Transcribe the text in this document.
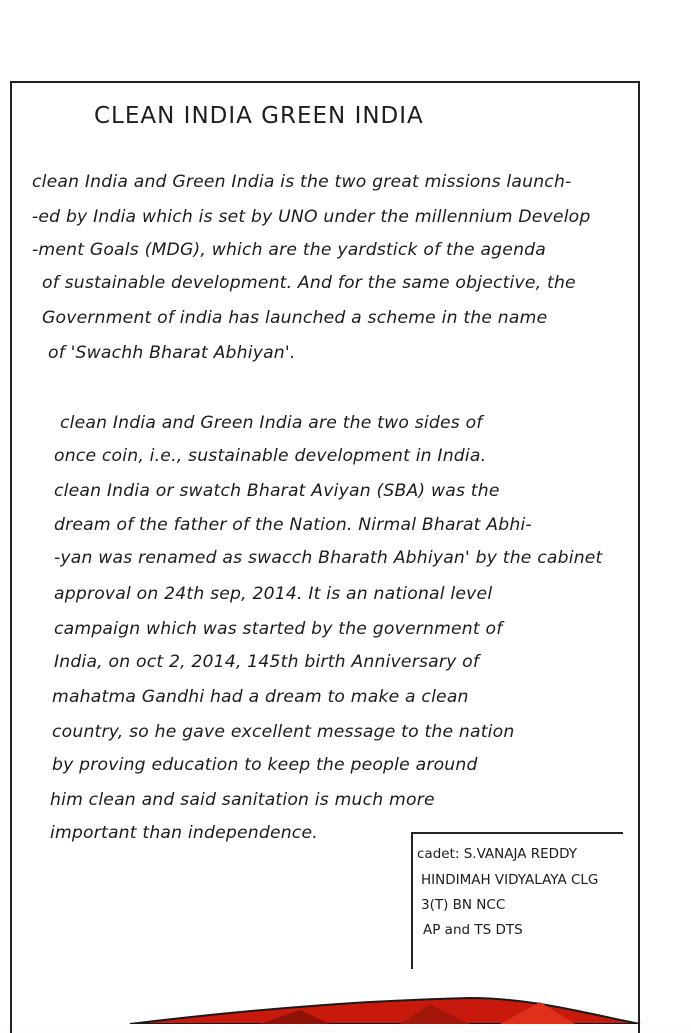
CLEAN INDIA GREEN INDIA
clean India and Green India is the two great missions launch-
-ed by India which is set by UNO under the millennium Develop
-ment Goals (MDG), which are the yardstick of the agenda
of sustainable development. And for the same objective, the
Government of india has launched a scheme in the name
of 'Swachh Bharat Abhiyan'.
clean India and Green India are the two sides of
once coin, i.e., sustainable development in India.
clean India or swatch Bharat Aviyan (SBA) was the
dream of the father of the Nation. Nirmal Bharat Abhi-
-yan was renamed as swacch Bharath Abhiyan' by the cabinet
approval on 24th sep, 2014. It is an national level
campaign which was started by the government of
India, on oct 2, 2014, 145th birth Anniversary of
mahatma Gandhi had a dream to make a clean
country, so he gave excellent message to the nation
by proving education to keep the people around
him clean and said sanitation is much more
important than independence.
cadet: S.VANAJA REDDY
HINDIMAH VIDYALAYA CLG
3(T) BN NCC
AP and TS DTS
